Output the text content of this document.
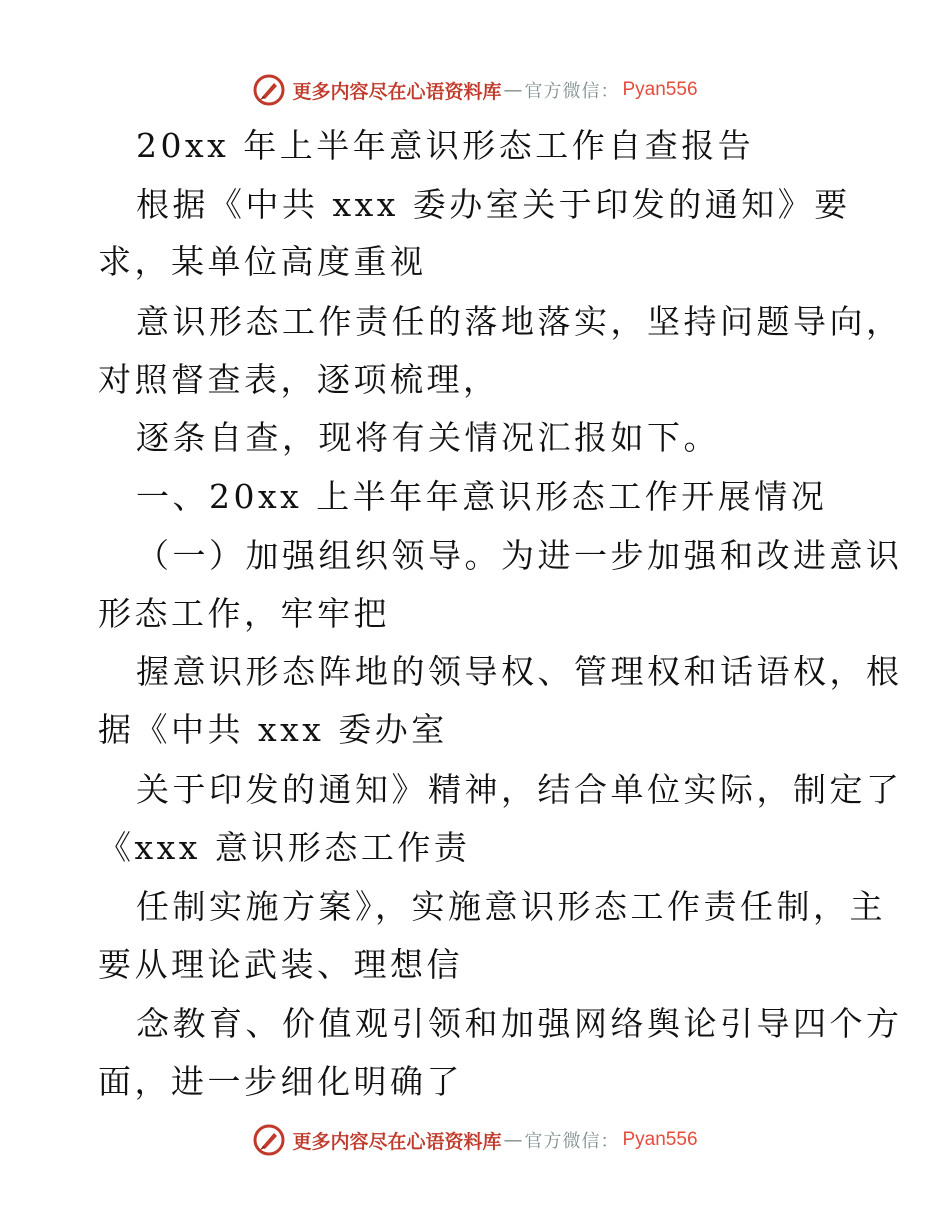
更多内容尽在心语资料库 — 官方微信： Pyan556
20xx 年上半年意识形态工作自查报告
根据《中共 xxx 委办室关于印发的通知》要
求，某单位高度重视
意识形态工作责任的落地落实，坚持问题导向，
对照督查表，逐项梳理，
逐条自查，现将有关情况汇报如下。
一、20xx 上半年年意识形态工作开展情况
（一）加强组织领导。为进一步加强和改进意识
形态工作，牢牢把
握意识形态阵地的领导权、管理权和话语权，根
据《中共 xxx 委办室
关于印发的通知》精神，结合单位实际，制定了
《xxx 意识形态工作责
任制实施方案》，实施意识形态工作责任制，主
要从理论武装、理想信
念教育、价值观引领和加强网络舆论引导四个方
面，进一步细化明确了
更多内容尽在心语资料库 — 官方微信： Pyan556
